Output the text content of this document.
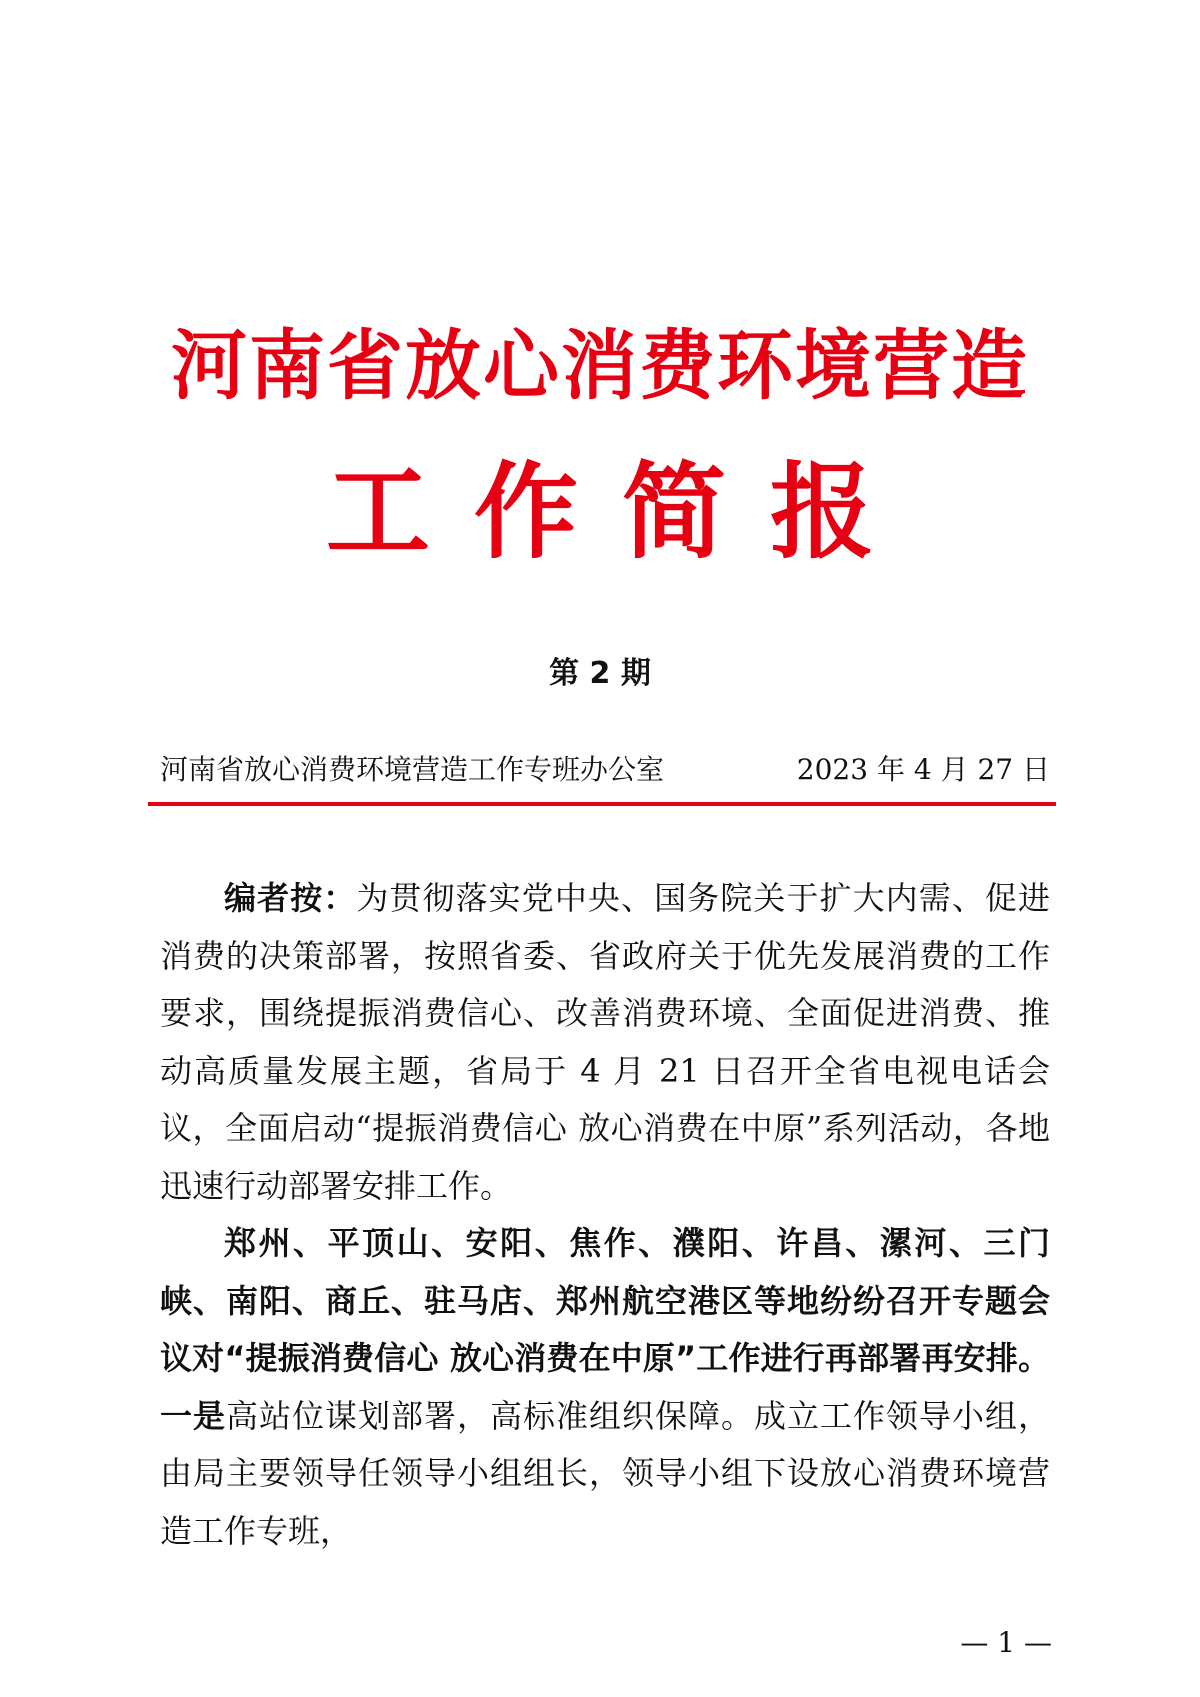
河南省放心消费环境营造
工作简报
第 2 期
河南省放心消费环境营造工作专班办公室	2023 年 4 月 27 日

编者按：为贯彻落实党中央、国务院关于扩大内需、促进消费的决策部署，按照省委、省政府关于优先发展消费的工作要求，围绕提振消费信心、改善消费环境、全面促进消费、推动高质量发展主题，省局于 4 月 21 日召开全省电视电话会议，全面启动“提振消费信心 放心消费在中原”系列活动，各地迅速行动部署安排工作。

郑州、平顶山、安阳、焦作、濮阳、许昌、漯河、三门峡、南阳、商丘、驻马店、郑州航空港区等地纷纷召开专题会议对“提振消费信心 放心消费在中原”工作进行再部署再安排。一是高站位谋划部署，高标准组织保障。成立工作领导小组，由局主要领导任领导小组组长，领导小组下设放心消费环境营造工作专班，

— 1 —
